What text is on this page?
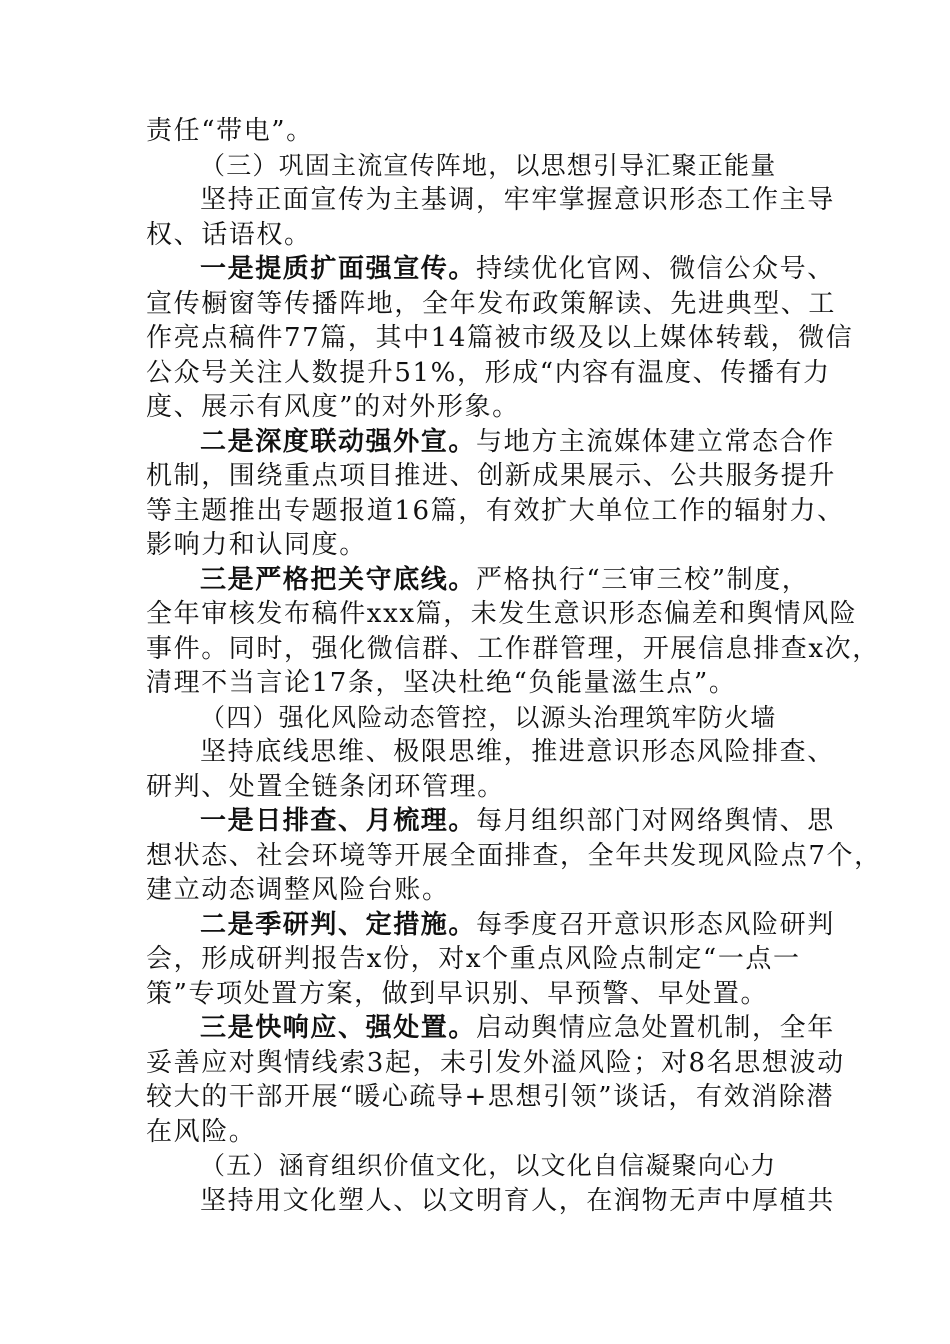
责任“带电”。
（三）巩固主流宣传阵地，以思想引导汇聚正能量
坚持正面宣传为主基调，牢牢掌握意识形态工作主导
权、话语权。
一是提质扩面强宣传。持续优化官网、微信公众号、
宣传橱窗等传播阵地，全年发布政策解读、先进典型、工
作亮点稿件77篇，其中14篇被市级及以上媒体转载，微信
公众号关注人数提升51%，形成“内容有温度、传播有力
度、展示有风度”的对外形象。
二是深度联动强外宣。与地方主流媒体建立常态合作
机制，围绕重点项目推进、创新成果展示、公共服务提升
等主题推出专题报道16篇，有效扩大单位工作的辐射力、
影响力和认同度。
三是严格把关守底线。严格执行“三审三校”制度，
全年审核发布稿件xxx篇，未发生意识形态偏差和舆情风险
事件。同时，强化微信群、工作群管理，开展信息排查x次，
清理不当言论17条，坚决杜绝“负能量滋生点”。
（四）强化风险动态管控，以源头治理筑牢防火墙
坚持底线思维、极限思维，推进意识形态风险排查、
研判、处置全链条闭环管理。
一是日排查、月梳理。每月组织部门对网络舆情、思
想状态、社会环境等开展全面排查，全年共发现风险点7个，
建立动态调整风险台账。
二是季研判、定措施。每季度召开意识形态风险研判
会，形成研判报告x份，对x个重点风险点制定“一点一
策”专项处置方案，做到早识别、早预警、早处置。
三是快响应、强处置。启动舆情应急处置机制，全年
妥善应对舆情线索3起，未引发外溢风险；对8名思想波动
较大的干部开展“暖心疏导+思想引领”谈话，有效消除潜
在风险。
（五）涵育组织价值文化，以文化自信凝聚向心力
坚持用文化塑人、以文明育人，在润物无声中厚植共
